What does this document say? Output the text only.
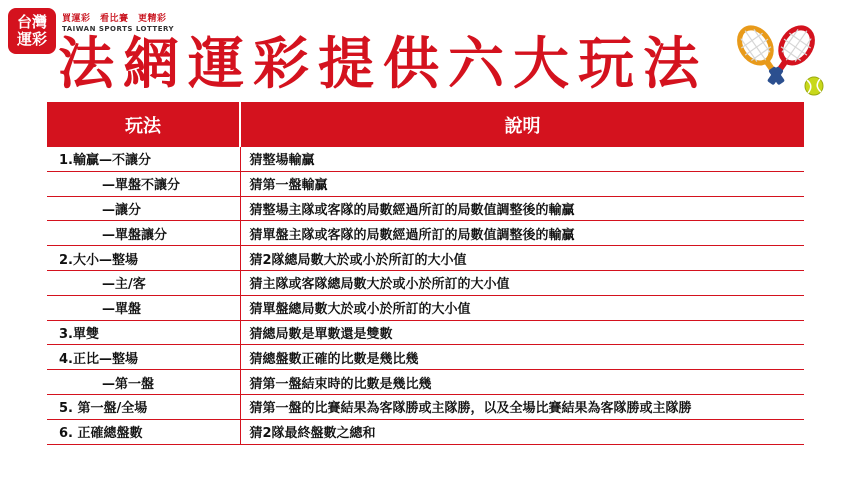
台灣
運彩
買運彩　看比賽　更精彩
TAIWAN SPORTS LOTTERY
法網運彩提供六大玩法
玩法	說明
1.輸贏—不讓分	猜整場輸贏
—單盤不讓分	猜第一盤輸贏
—讓分	猜整場主隊或客隊的局數經過所訂的局數值調整後的輸贏
—單盤讓分	猜單盤主隊或客隊的局數經過所訂的局數值調整後的輸贏
2.大小—整場	猜2隊總局數大於或小於所訂的大小值
—主/客	猜主隊或客隊總局數大於或小於所訂的大小值
—單盤	猜單盤總局數大於或小於所訂的大小值
3.單雙	猜總局數是單數還是雙數
4.正比—整場	猜總盤數正確的比數是幾比幾
—第一盤	猜第一盤結束時的比數是幾比幾
5. 第一盤/全場	猜第一盤的比賽結果為客隊勝或主隊勝，以及全場比賽結果為客隊勝或主隊勝
6. 正確總盤數	猜2隊最終盤數之總和
